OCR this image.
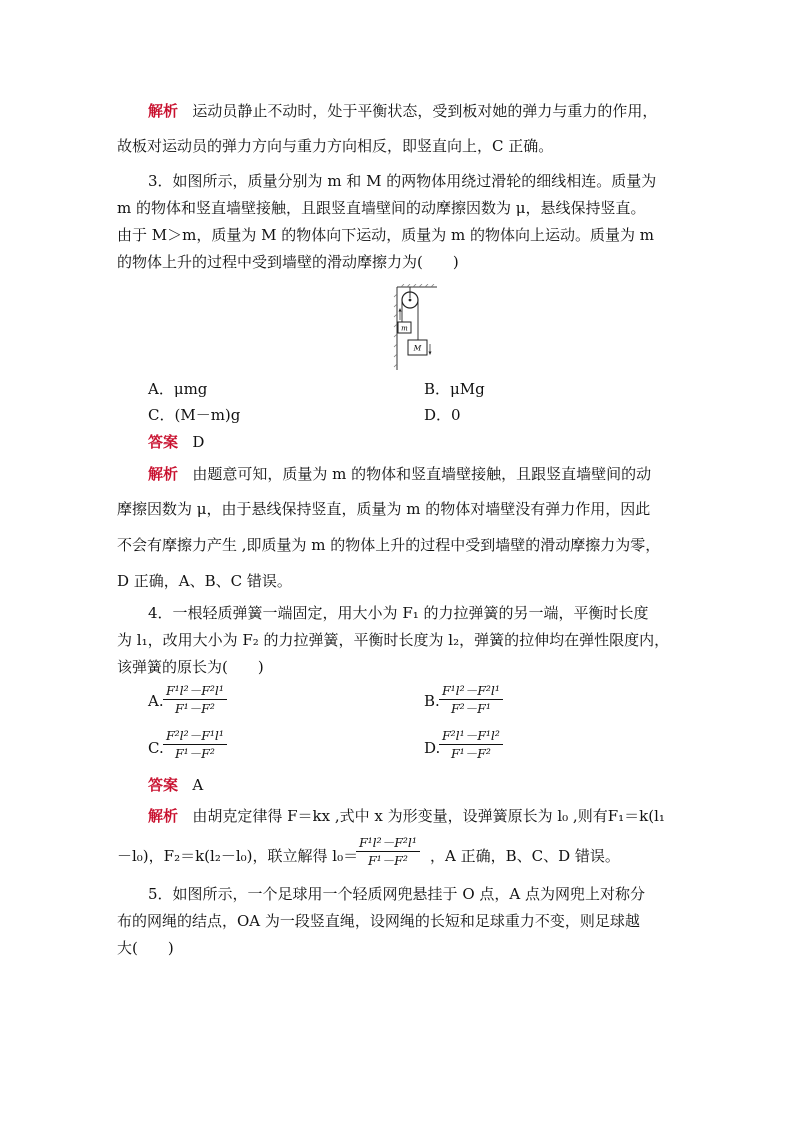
解析 运动员静止不动时，处于平衡状态，受到板对她的弹力与重力的作用，
故板对运动员的弹力方向与重力方向相反，即竖直向上，C 正确。
3．如图所示，质量分别为 m 和 M 的两物体用绕过滑轮的细线相连。质量为
m 的物体和竖直墙壁接触，且跟竖直墙壁间的动摩擦因数为 μ，悬线保持竖直。
由于 M＞m，质量为 M 的物体向下运动，质量为 m 的物体向上运动。质量为 m
的物体上升的过程中受到墙壁的滑动摩擦力为(　　)
m
M
A．μmg	B．μMg
C．(M－m)g	D．0
答案 D
解析 由题意可知，质量为 m 的物体和竖直墙壁接触，且跟竖直墙壁间的动
摩擦因数为 μ，由于悬线保持竖直，质量为 m 的物体对墙壁没有弹力作用，因此
不会有摩擦力产生 ,即质量为 m 的物体上升的过程中受到墙壁的滑动摩擦力为零，
D 正确，A、B、C 错误。
4．一根轻质弹簧一端固定，用大小为 F₁ 的力拉弹簧的另一端，平衡时长度
为 l₁，改用大小为 F₂ 的力拉弹簧，平衡时长度为 l₂，弹簧的拉伸均在弹性限度内，
该弹簧的原长为(　　)
A. $\frac{\text{F¹l²－F²l¹}}{\text{F¹－F²}}$	B. $\frac{\text{F¹l²－F²l¹}}{\text{F²－F¹}}$
C. $\frac{\text{F²l²－F¹l¹}}{\text{F¹－F²}}$	D.
$\frac{\text{F²l¹－F¹l²}}{\text{F¹－F²}}$
答案 A
解析 由胡克定律得 F＝kx ,式中 x 为形变量，设弹簧原长为 l₀ ,则有F₁＝k(l₁
－l₀)，F₂＝k(l₂－l₀)，联立解得 l₀＝
$\frac{\text{F¹l²－F²l¹}}{\text{F¹－F²}}$ ，A 正确，B、C、D 错误。
5．如图所示，一个足球用一个轻质网兜悬挂于 O 点，A 点为网兜上对称分
布的网绳的结点，OA 为一段竖直绳，设网绳的长短和足球重力不变，则足球越
大(　　)
